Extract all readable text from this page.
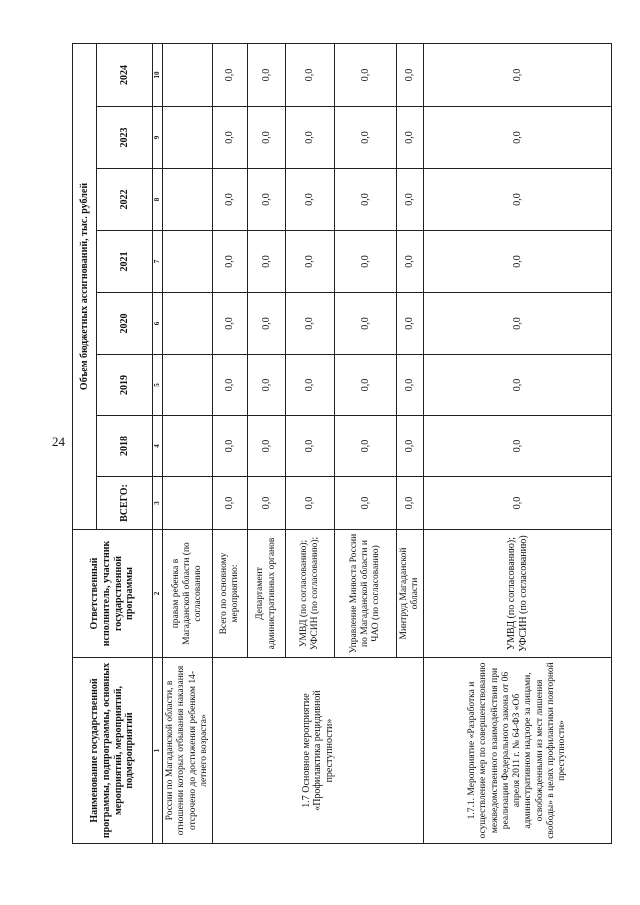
24
Наименование государственной программы, подпрограммы, основных мероприятий, мероприятий, подмероприятий	Ответственный исполнитель, участник государственной программы	Объем бюджетных ассигнований, тыс. рублей							
		ВСЕГО:	2018	2019	2020	2021	2022	2023	2024
1	2	3	4	5	6	7	8	9	10
России по Магаданской области, в отношении которых отбывания наказания отсрочено до достижения ребенком 14-летнего возраста»	правам ребенка в Магаданской области (по согласованию								
1.7 Основное мероприятие «Профилактика рецидивной преступности»	Всего по основному мероприятию:	0,0	0,0	0,0	0,0	0,0	0,0	0,0	0,0
	Департамент административных органов	0,0	0,0	0,0	0,0	0,0	0,0	0,0	0,0
	УМВД (по согласованию); УФСИН (по согласованию);	0,0	0,0	0,0	0,0	0,0	0,0	0,0	0,0
	Управление Минюста России по Магаданской области и ЧАО (по согласованию)	0,0	0,0	0,0	0,0	0,0	0,0	0,0	0,0
	Минтруд Магаданской области	0,0	0,0	0,0	0,0	0,0	0,0	0,0	0,0
1.7.1. Мероприятие «Разработка и осуществление мер по совершенствованию межведомственного взаимодействия при реализации Федерального закона от 06 апреля 2011 г. № 64-ФЗ «Об административном надзоре за лицами, освобожденными из мест лишения свободы» в целях профилактики повторной преступности»	УМВД (по согласованию); УФСИН (по согласованию)	0,0	0,0	0,0	0,0	0,0	0,0	0,0	0,0
